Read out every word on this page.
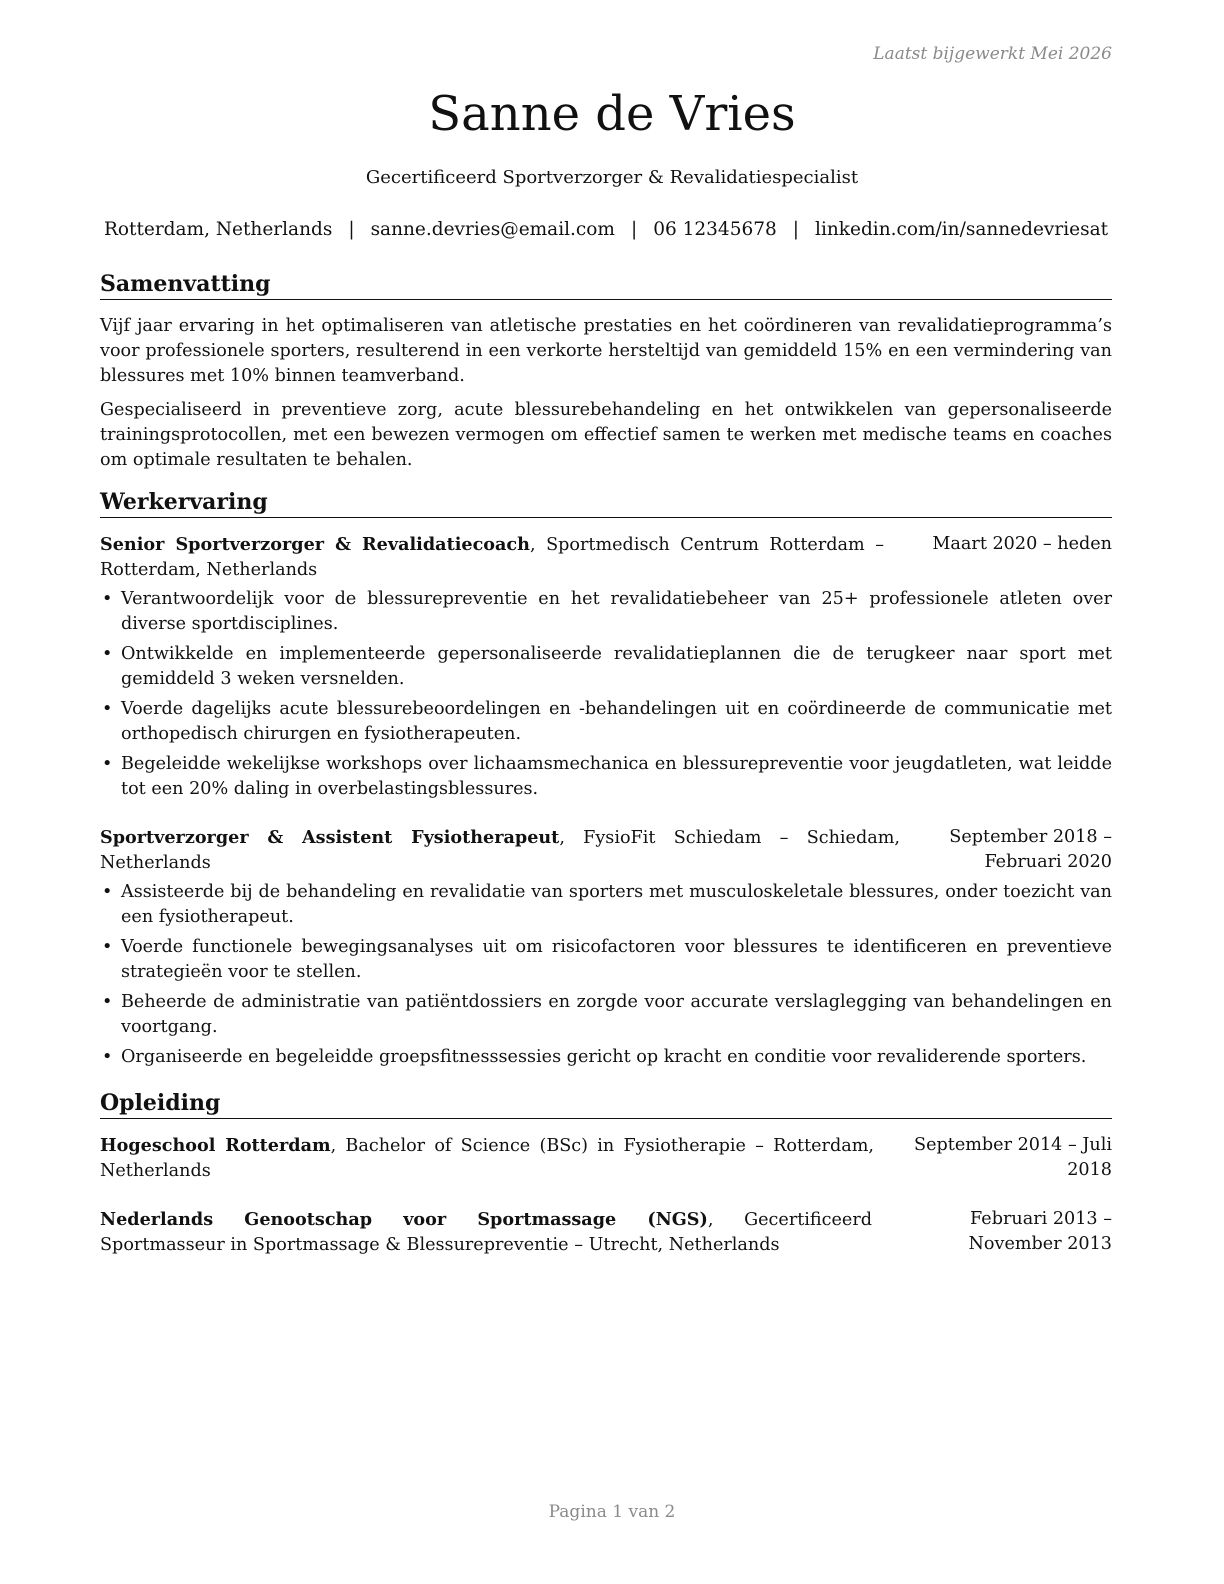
Laatst bijgewerkt Mei 2026
Sanne de Vries
Gecertificeerd Sportverzorger & Revalidatiespecialist
Rotterdam, Netherlands | sanne.devries@email.com | 06 12345678 | linkedin.com/in/sannedevriesat
Samenvatting

Vijf jaar ervaring in het optimaliseren van atletische prestaties en het coördineren van revalidatieprogramma’s voor professionele sporters, resulterend in een verkorte hersteltijd van gemiddeld 15% en een vermindering van blessures met 10% binnen teamverband.

Gespecialiseerd in preventieve zorg, acute blessurebehandeling en het ontwikkelen van gepersonaliseerde trainingsprotocollen, met een bewezen vermogen om effectief samen te werken met medische teams en coaches om optimale resultaten te behalen.

Werkervaring
Senior Sportverzorger & Revalidatiecoach, Sportmedisch Centrum Rotterdam – Rotterdam, Netherlands
Maart 2020 – heden
• Verantwoordelijk voor de blessurepreventie en het revalidatiebeheer van 25+ professionele atleten over diverse sportdisciplines.
• Ontwikkelde en implementeerde gepersonaliseerde revalidatieplannen die de terugkeer naar sport met gemiddeld 3 weken versnelden.
• Voerde dagelijks acute blessurebeoordelingen en -behandelingen uit en coördineerde de communicatie met orthopedisch chirurgen en fysiotherapeuten.
• Begeleidde wekelijkse workshops over lichaamsmechanica en blessurepreventie voor jeugdatleten, wat leidde tot een 20% daling in overbelastingsblessures.
Sportverzorger & Assistent Fysiotherapeut, FysioFit Schiedam – Schiedam, Netherlands
September 2018 – Februari 2020
• Assisteerde bij de behandeling en revalidatie van sporters met musculoskeletale blessures, onder toezicht van een fysiotherapeut.
• Voerde functionele bewegingsanalyses uit om risicofactoren voor blessures te identificeren en preventieve strategieën voor te stellen.
• Beheerde de administratie van patiëntdossiers en zorgde voor accurate verslaglegging van behandelingen en voortgang.
• Organiseerde en begeleidde groepsfitnesssessies gericht op kracht en conditie voor revaliderende sporters.
Opleiding
Hogeschool Rotterdam, Bachelor of Science (BSc) in Fysiotherapie – Rotterdam, Netherlands
September 2014 – Juli 2018
Nederlands Genootschap voor Sportmassage (NGS), Gecertificeerd Sportmasseur in Sportmassage & Blessurepreventie – Utrecht, Netherlands
Februari 2013 – November 2013
Pagina 1 van 2
